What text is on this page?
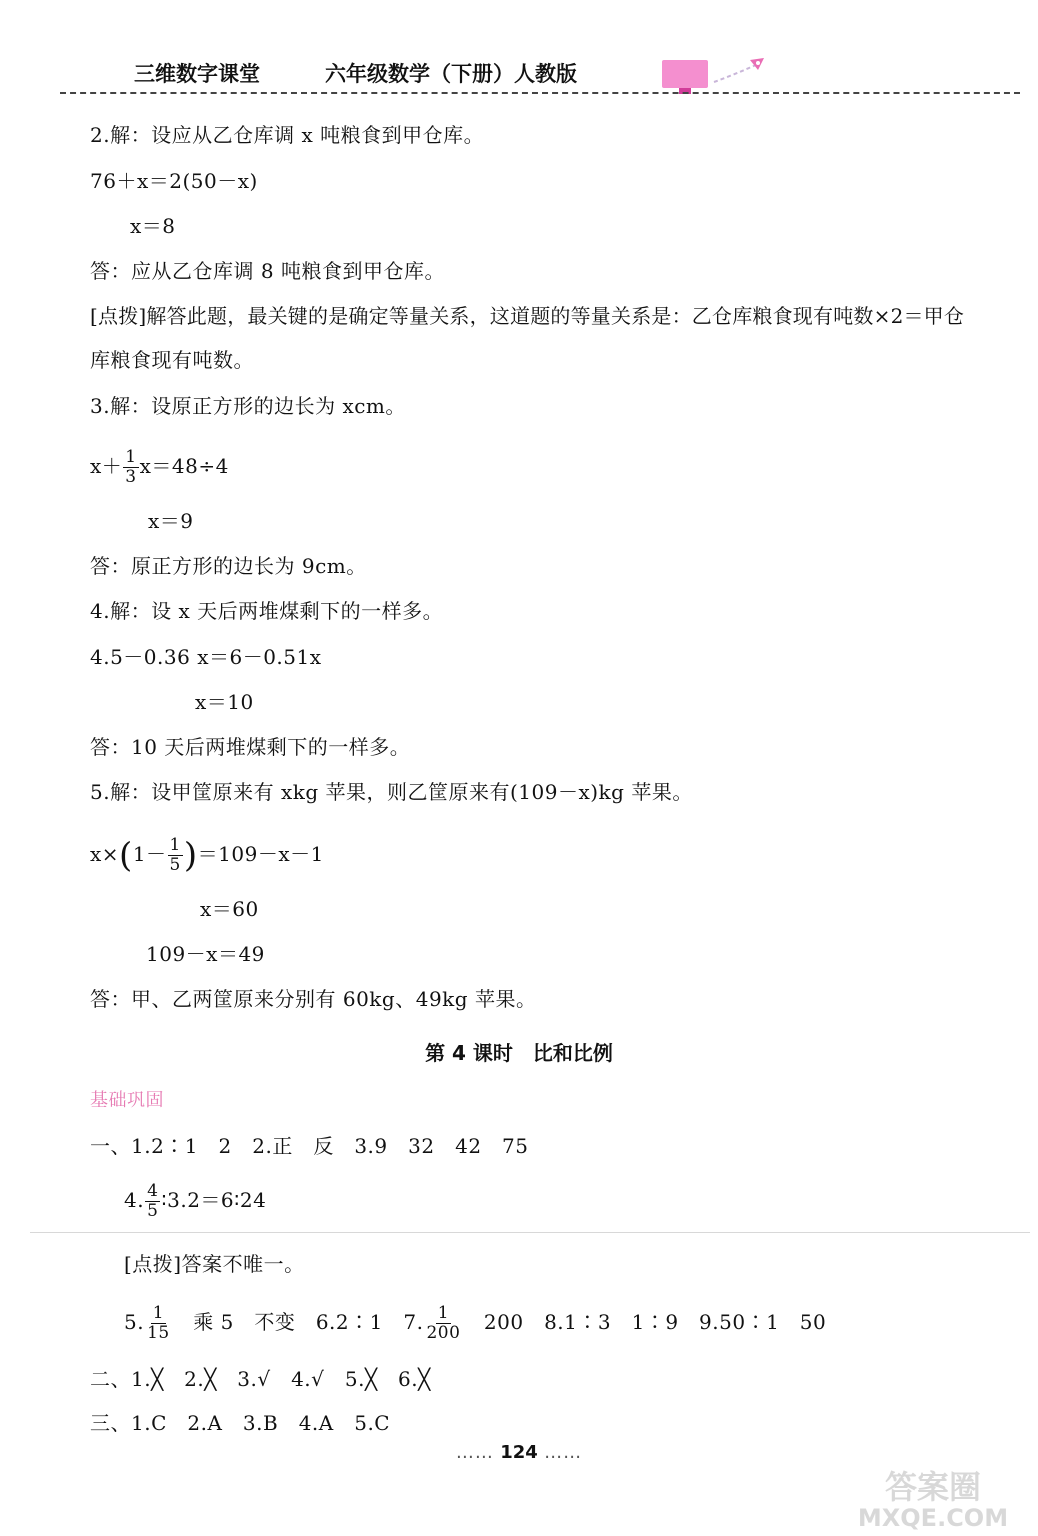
三维数字课堂	六年级数学（下册）人教版
2.解：设应从乙仓库调 x 吨粮食到甲仓库。
76＋x＝2(50－x)
x＝8
答：应从乙仓库调 8 吨粮食到甲仓库。
[点拨]解答此题，最关键的是确定等量关系，这道题的等量关系是：乙仓库粮食现有吨数×2＝甲仓
库粮食现有吨数。
3.解：设原正方形的边长为 xcm。
$x+ \frac{1}{3} x=48\div 4$
x＝9
答：原正方形的边长为 9cm。
4.解：设 x 天后两堆煤剩下的一样多。
4.5－0.36 x＝6－0.51x
x＝10
答：10 天后两堆煤剩下的一样多。
5.解：设甲筐原来有 xkg 苹果，则乙筐原来有(109－x)kg 苹果。
$x\times(1- \frac{1}{5} )=109-x-1$
x＝60
109－x＝49
答：甲、乙两筐原来分别有 60kg、49kg 苹果。
第 4 课时　比和比例
基础巩固
一、1.2∶1　2　2.正　反　3.9　32　42　75
4. $\frac{4}{5}$ ∶3.2＝6∶24
[点拨]答案不唯一。
5. $\frac{1}{15}$ 　乘 5　不变　6.2∶1　7. $\frac{1}{200}$ 　200　8.1∶3　1∶9　9.50∶1　50
二、1.╳　2.╳　3.√　4.√　5.╳　6.╳
三、1.C　2.A　3.B　4.A　5.C
…… 124 ……
答案圈
MXQE.COM
